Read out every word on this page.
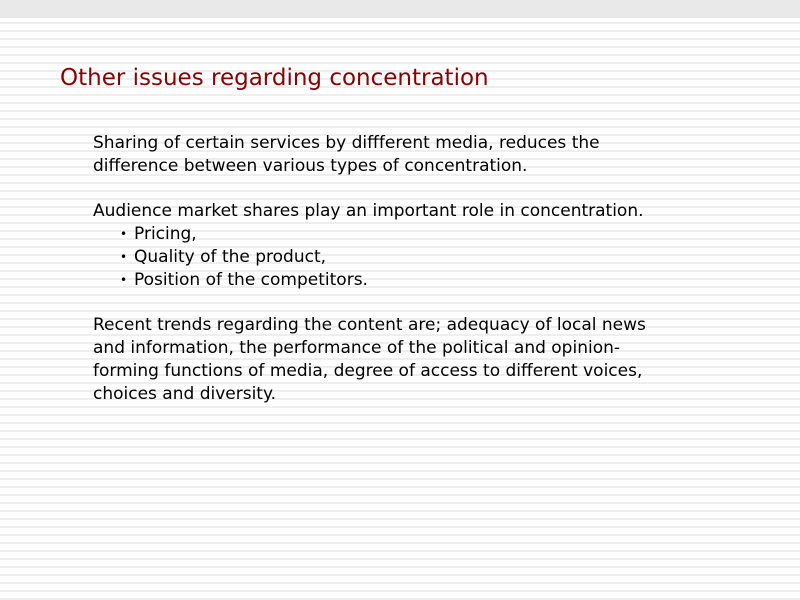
Other issues regarding concentration
Sharing of certain services by diffferent media, reduces the difference between various types of concentration.
Audience market shares play an important role in concentration.
• Pricing,
• Quality of the product,
• Position of the competitors.
Recent trends regarding the content are; adequacy of local news and information, the performance of the political and opinion-forming functions of media, degree of access to different voices, choices and diversity.
